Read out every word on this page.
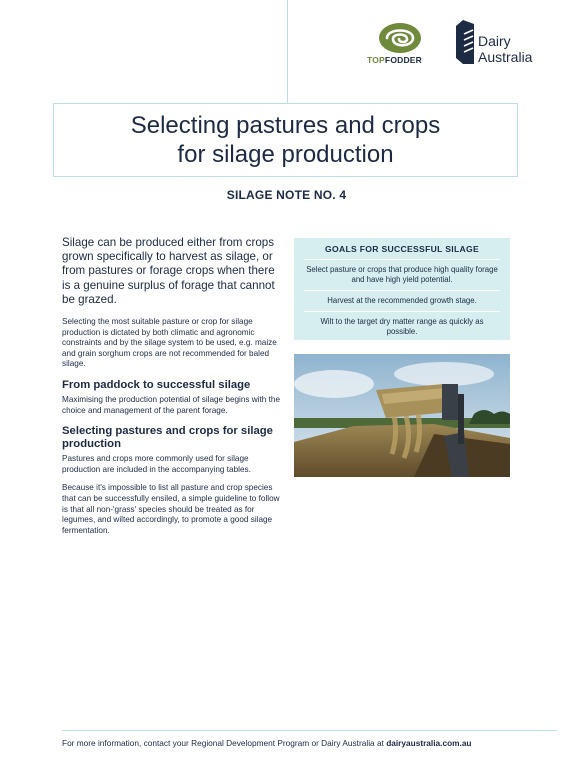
TOPFODDER
Dairy
Australia
Selecting pastures and crops
for silage production
SILAGE NOTE NO. 4

Silage can be produced either from crops grown specifically to harvest as silage, or from pastures or forage crops when there is a genuine surplus of forage that cannot be grazed.

Selecting the most suitable pasture or crop for silage production is dictated by both climatic and agronomic constraints and by the silage system to be used, e.g. maize and grain sorghum crops are not recommended for baled silage.

From paddock to successful silage

Maximising the production potential of silage begins with the choice and management of the parent forage.

Selecting pastures and crops for silage production

Pastures and crops more commonly used for silage production are included in the accompanying tables.

Because it's impossible to list all pasture and crop species that can be successfully ensiled, a simple guideline to follow is that all non-'grass' species should be treated as for legumes, and wilted accordingly, to promote a good silage fermentation.

GOALS FOR SUCCESSFUL SILAGE
Select pasture or crops that produce high quality forage and have high yield potential.
Harvest at the recommended growth stage.
Wilt to the target dry matter range as quickly as possible.
For more information, contact your Regional Development Program or Dairy Australia at dairyaustralia.com.au
